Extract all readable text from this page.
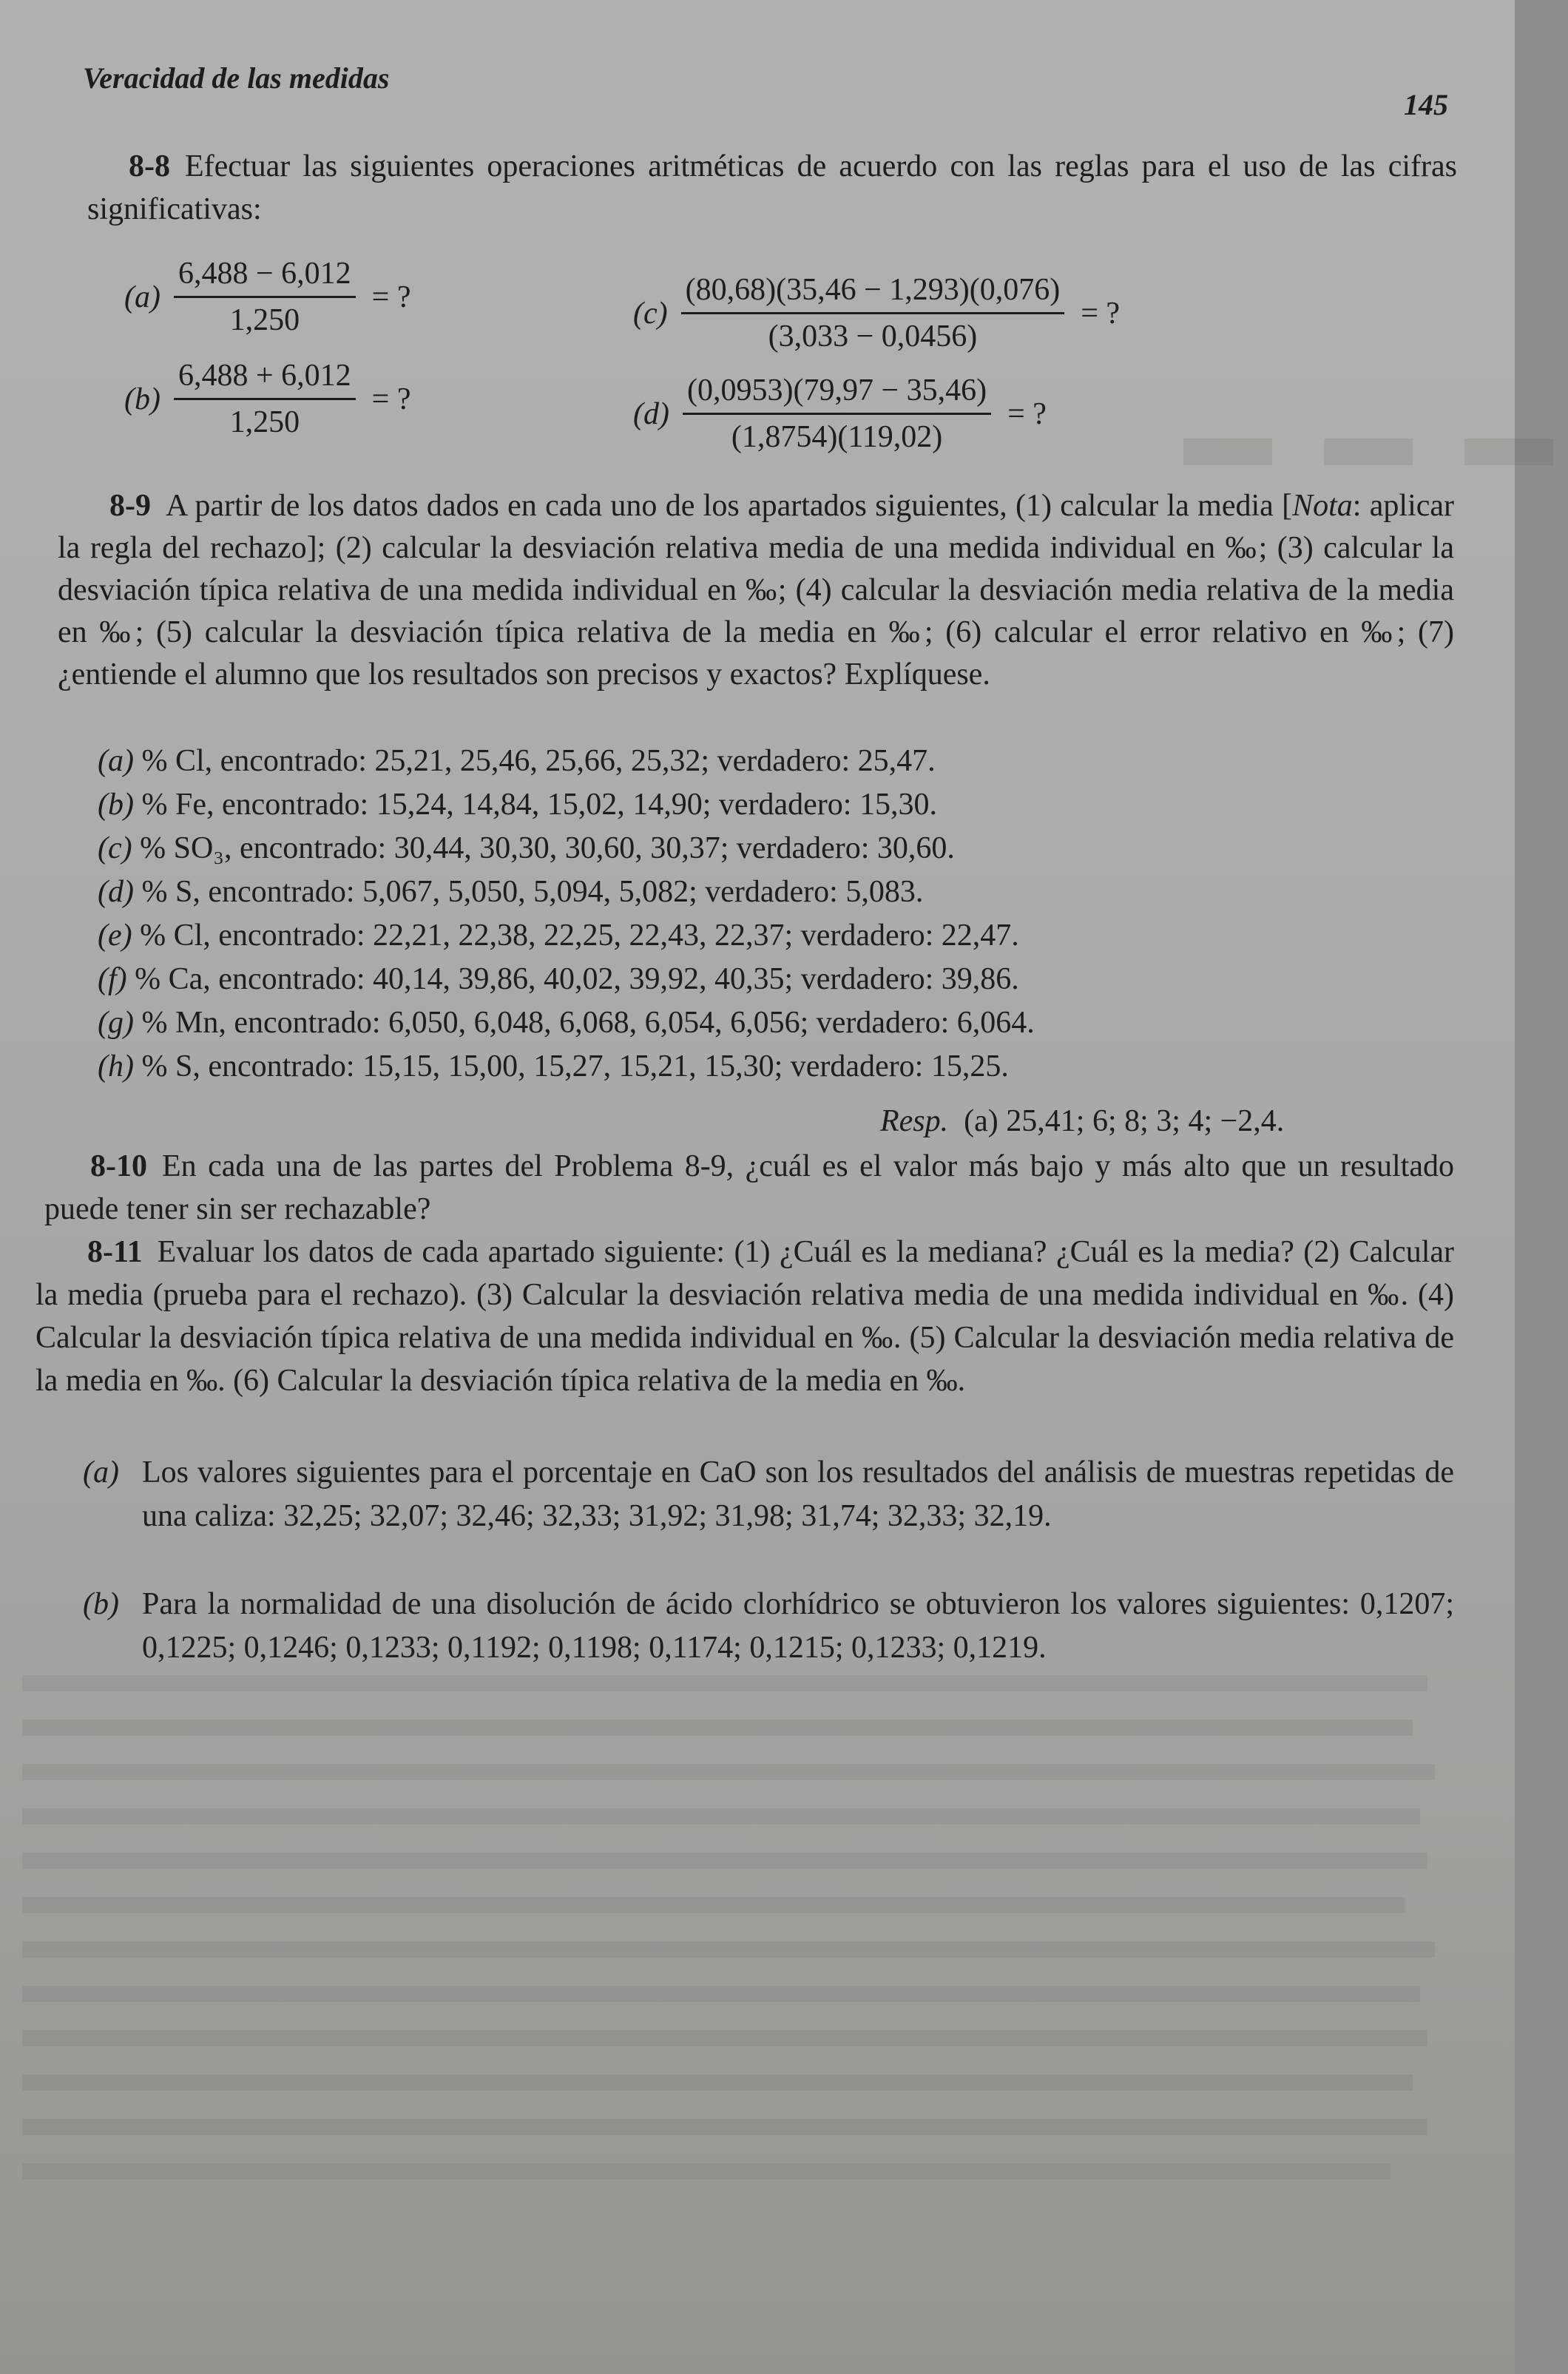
▬ ▬ ▬
Veracidad de las medidas
145
8-8 Efectuar las siguientes operaciones aritméticas de acuerdo con las reglas para el uso de las cifras significativas:
$(a) \frac{6,488 - 6,012}{1,250}$ = ?
$(b) \frac{6,488 + 6,012}{1,250}$ = ?
$(c) \frac{(80,68)(35,46 - 1,293)(0,076)}{(3,033 - 0,0456)}$ = ?
$(d) \frac{(0,0953)(79,97 - 35,46)}{(1,8754)(119,02)}$ = ?
8-9 A partir de los datos dados en cada uno de los apartados siguientes, (1) calcular la media [Nota: aplicar la regla del rechazo]; (2) calcular la desviación relativa media de una medida individual en ‰; (3) calcular la desviación típica relativa de una medida individual en ‰; (4) calcular la desviación media relativa de la media en ‰; (5) calcular la desviación típica relativa de la media en ‰; (6) calcular el error relativo en ‰; (7) ¿entiende el alumno que los resultados son precisos y exactos? Explíquese.
(a) % Cl, encontrado: 25,21, 25,46, 25,66, 25,32; verdadero: 25,47.
(b) % Fe, encontrado: 15,24, 14,84, 15,02, 14,90; verdadero: 15,30.
(c) % SO₃, encontrado: 30,44, 30,30, 30,60, 30,37; verdadero: 30,60.
(d) % S, encontrado: 5,067, 5,050, 5,094, 5,082; verdadero: 5,083.
(e) % Cl, encontrado: 22,21, 22,38, 22,25, 22,43, 22,37; verdadero: 22,47.
(f) % Ca, encontrado: 40,14, 39,86, 40,02, 39,92, 40,35; verdadero: 39,86.
(g) % Mn, encontrado: 6,050, 6,048, 6,068, 6,054, 6,056; verdadero: 6,064.
(h) % S, encontrado: 15,15, 15,00, 15,27, 15,21, 15,30; verdadero: 15,25.
Resp. (a) 25,41; 6; 8; 3; 4; −2,4.
8-10 En cada una de las partes del Problema 8-9, ¿cuál es el valor más bajo y más alto que un resultado puede tener sin ser rechazable?
8-11 Evaluar los datos de cada apartado siguiente: (1) ¿Cuál es la mediana? ¿Cuál es la media? (2) Calcular la media (prueba para el rechazo). (3) Calcular la desviación relativa media de una medida individual en ‰. (4) Calcular la desviación típica relativa de una medida individual en ‰. (5) Calcular la desviación media relativa de la media en ‰. (6) Calcular la desviación típica relativa de la media en ‰.
(a) Los valores siguientes para el porcentaje en CaO son los resultados del análisis de muestras repetidas de una caliza: 32,25; 32,07; 32,46; 32,33; 31,92; 31,98; 31,74; 32,33; 32,19.
(b) Para la normalidad de una disolución de ácido clorhídrico se obtuvieron los valores siguientes: 0,1207; 0,1225; 0,1246; 0,1233; 0,1192; 0,1198; 0,1174; 0,1215; 0,1233; 0,1219.
